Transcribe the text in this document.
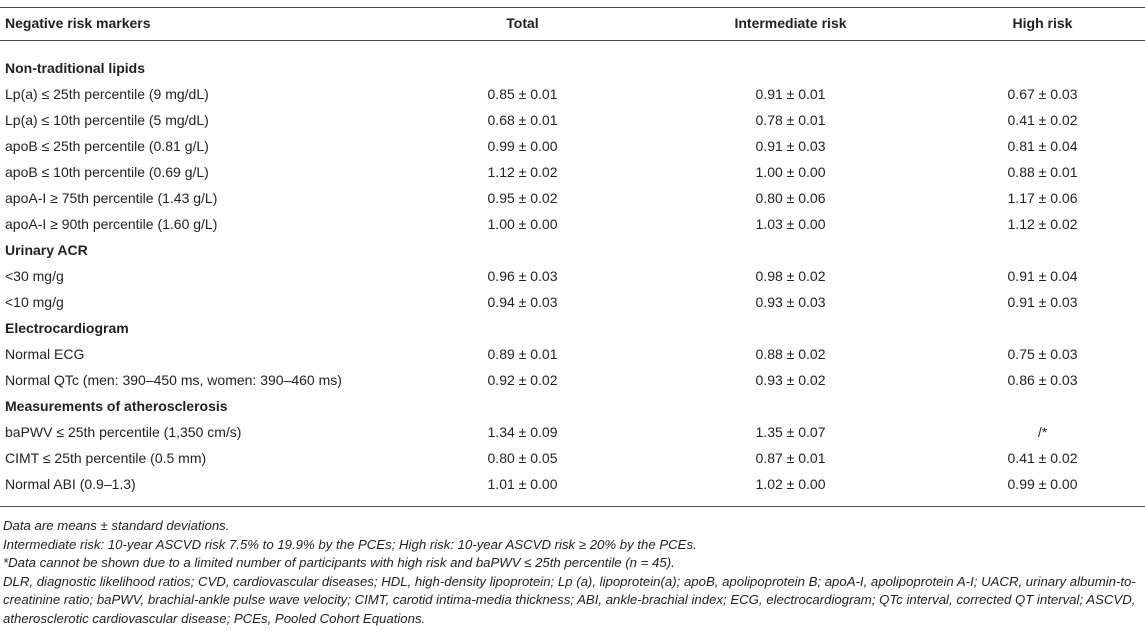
Negative risk markers	Total	Intermediate risk	High risk
Non-traditional lipids
Lp(a) ≤ 25th percentile (9 mg/dL)	0.85 ± 0.01	0.91 ± 0.01	0.67 ± 0.03
Lp(a) ≤ 10th percentile (5 mg/dL)	0.68 ± 0.01	0.78 ± 0.01	0.41 ± 0.02
apoB ≤ 25th percentile (0.81 g/L)	0.99 ± 0.00	0.91 ± 0.03	0.81 ± 0.04
apoB ≤ 10th percentile (0.69 g/L)	1.12 ± 0.02	1.00 ± 0.00	0.88 ± 0.01
apoA-I ≥ 75th percentile (1.43 g/L)	0.95 ± 0.02	0.80 ± 0.06	1.17 ± 0.06
apoA-I ≥ 90th percentile (1.60 g/L)	1.00 ± 0.00	1.03 ± 0.00	1.12 ± 0.02
Urinary ACR
<30 mg/g	0.96 ± 0.03	0.98 ± 0.02	0.91 ± 0.04
<10 mg/g	0.94 ± 0.03	0.93 ± 0.03	0.91 ± 0.03
Electrocardiogram
Normal ECG	0.89 ± 0.01	0.88 ± 0.02	0.75 ± 0.03
Normal QTc (men: 390–450 ms, women: 390–460 ms)	0.92 ± 0.02	0.93 ± 0.02	0.86 ± 0.03
Measurements of atherosclerosis
baPWV ≤ 25th percentile (1,350 cm/s)	1.34 ± 0.09	1.35 ± 0.07	/*
CIMT ≤ 25th percentile (0.5 mm)	0.80 ± 0.05	0.87 ± 0.01	0.41 ± 0.02
Normal ABI (0.9–1.3)	1.01 ± 0.00	1.02 ± 0.00	0.99 ± 0.00
Data are means ± standard deviations.
Intermediate risk: 10-year ASCVD risk 7.5% to 19.9% by the PCEs; High risk: 10-year ASCVD risk ≥ 20% by the PCEs.
*Data cannot be shown due to a limited number of participants with high risk and baPWV ≤ 25th percentile (n = 45).
DLR, diagnostic likelihood ratios; CVD, cardiovascular diseases; HDL, high-density lipoprotein; Lp (a), lipoprotein(a); apoB, apolipoprotein B; apoA-I, apolipoprotein A-I; UACR, urinary albumin-to-creatinine ratio; baPWV, brachial-ankle pulse wave velocity; CIMT, carotid intima-media thickness; ABI, ankle-brachial index; ECG, electrocardiogram; QTc interval, corrected QT interval; ASCVD, atherosclerotic cardiovascular disease; PCEs, Pooled Cohort Equations.
